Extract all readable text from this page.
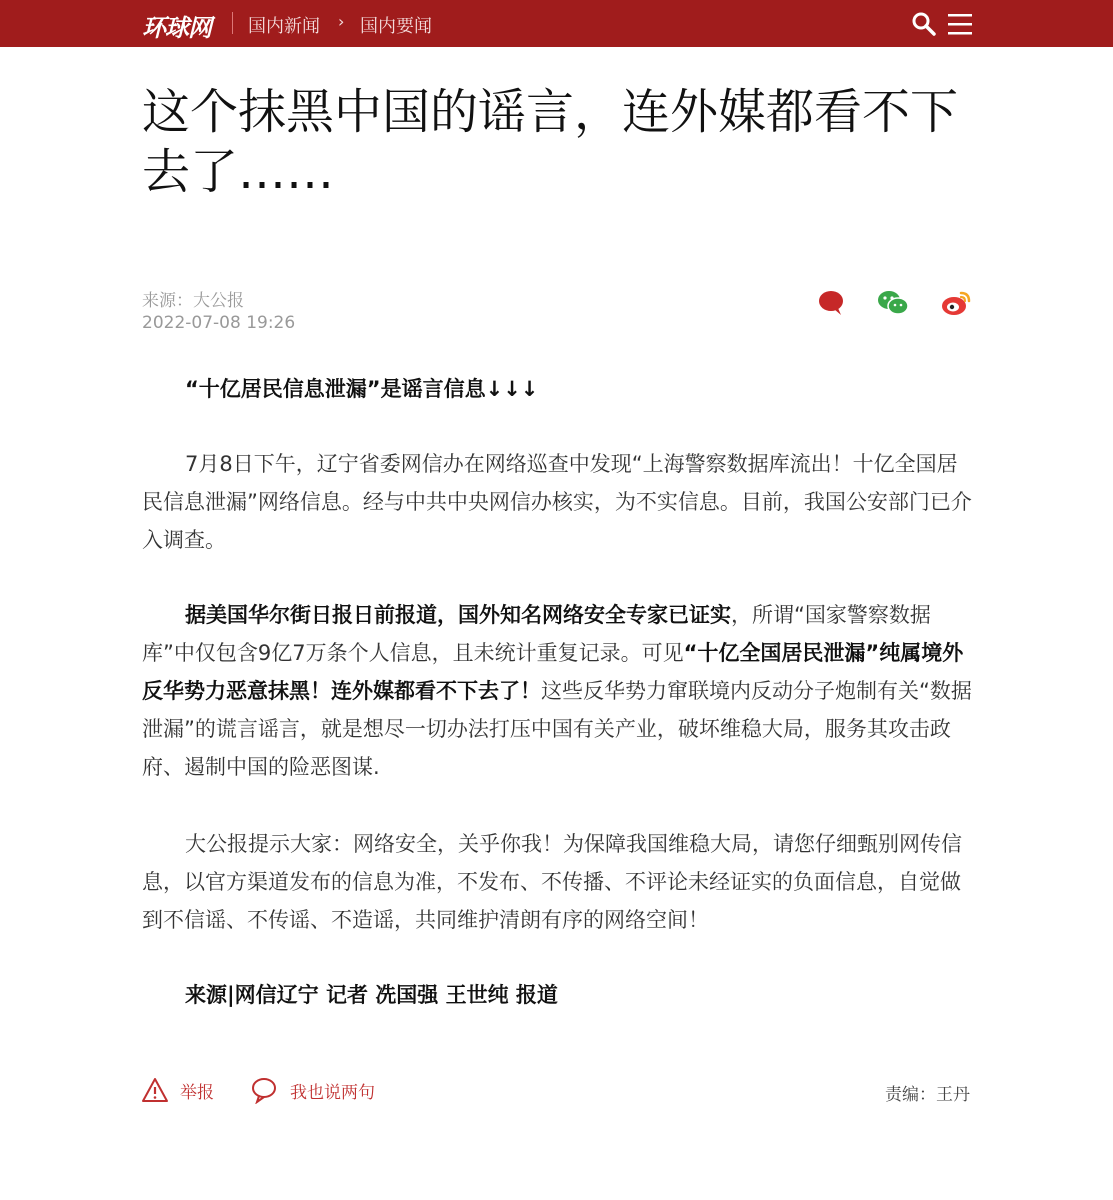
环球网 国内新闻 › 国内要闻
这个抹黑中国的谣言，连外媒都看不下去了……
来源：大公报
2022-07-08 19:26

“十亿居民信息泄漏”是谣言信息↓↓↓

7月8日下午，辽宁省委网信办在网络巡查中发现“上海警察数据库流出！十亿全国居民信息泄漏”网络信息。经与中共中央网信办核实，为不实信息。目前，我国公安部门已介入调查。

据美国华尔街日报日前报道，国外知名网络安全专家已证实，所谓“国家警察数据库”中仅包含9亿7万条个人信息，且未统计重复记录。可见“十亿全国居民泄漏”纯属境外反华势力恶意抹黑！连外媒都看不下去了！这些反华势力窜联境内反动分子炮制有关“数据泄漏”的谎言谣言，就是想尽一切办法打压中国有关产业，破坏维稳大局，服务其攻击政府、遏制中国的险恶图谋.

大公报提示大家：网络安全，关乎你我！为保障我国维稳大局，请您仔细甄别网传信息，以官方渠道发布的信息为准，不发布、不传播、不评论未经证实的负面信息，自觉做到不信谣、不传谣、不造谣，共同维护清朗有序的网络空间！

来源|网信辽宁 记者 冼国强 王世纯 报道

举报	我也说两句	责编：王丹
